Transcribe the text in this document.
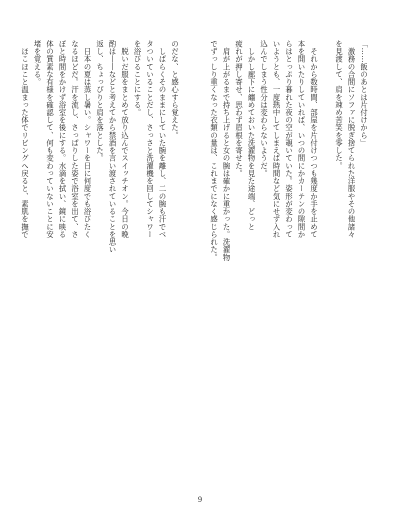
「……飯のあとは片付けから」
　激務の合間にソファに脱ぎ捨てられた洋服やその他諸々
を見渡して、肩を竦め苦笑を零した。
　それから数時間、部屋を片付けつつも幾度か手を止めて
本を開いたりしていれば、いつの間にかカーテンの隙間か
らはとっぷり暮れた夜の空が覗いていた。姿形が変わって
いようとも、一度熱中してしまえば時間など気にせず入れ
込んでしまう性分は変わらないようだ。
　しかし廊下に纏めておいた洗濯物を見た途端、どっと
疲れが押し寄せ、思わず眉根を寄せた。
　肩が上がるまで持ち上げると女の腕は確かに重かった。洗濯物
でずっしり重くなった衣類の量は、これまでになく感じられた。
のだな、と感心すら覚えた。
　しばらくそのままにしていた腕を離し、二の腕も汗でベ
タついていることだし、さっさと洗濯機を回してシャワー
を浴びることにする。
　脱いだ服をまとめて放り込んでスイッチオン。今日の晩
酌は――などと考えてから禁酒を言い渡されていることを思い
返し、ちょっぴりと肩を落とした。
　日本の夏は蒸し暑い。シャワーを日に何度でも浴びたく
なるほどだ。汗を流し、さっぱりした姿で浴室を出て、さ
ぼと時間をかけず浴室を後にする。水滴を拭い、鏡に映る
体の質素な有様を確認して、何も変わっていないことに安
堵を覚える。
　ほこほこと温まった体でリビングへ戻ると、素肌を撫で
9
